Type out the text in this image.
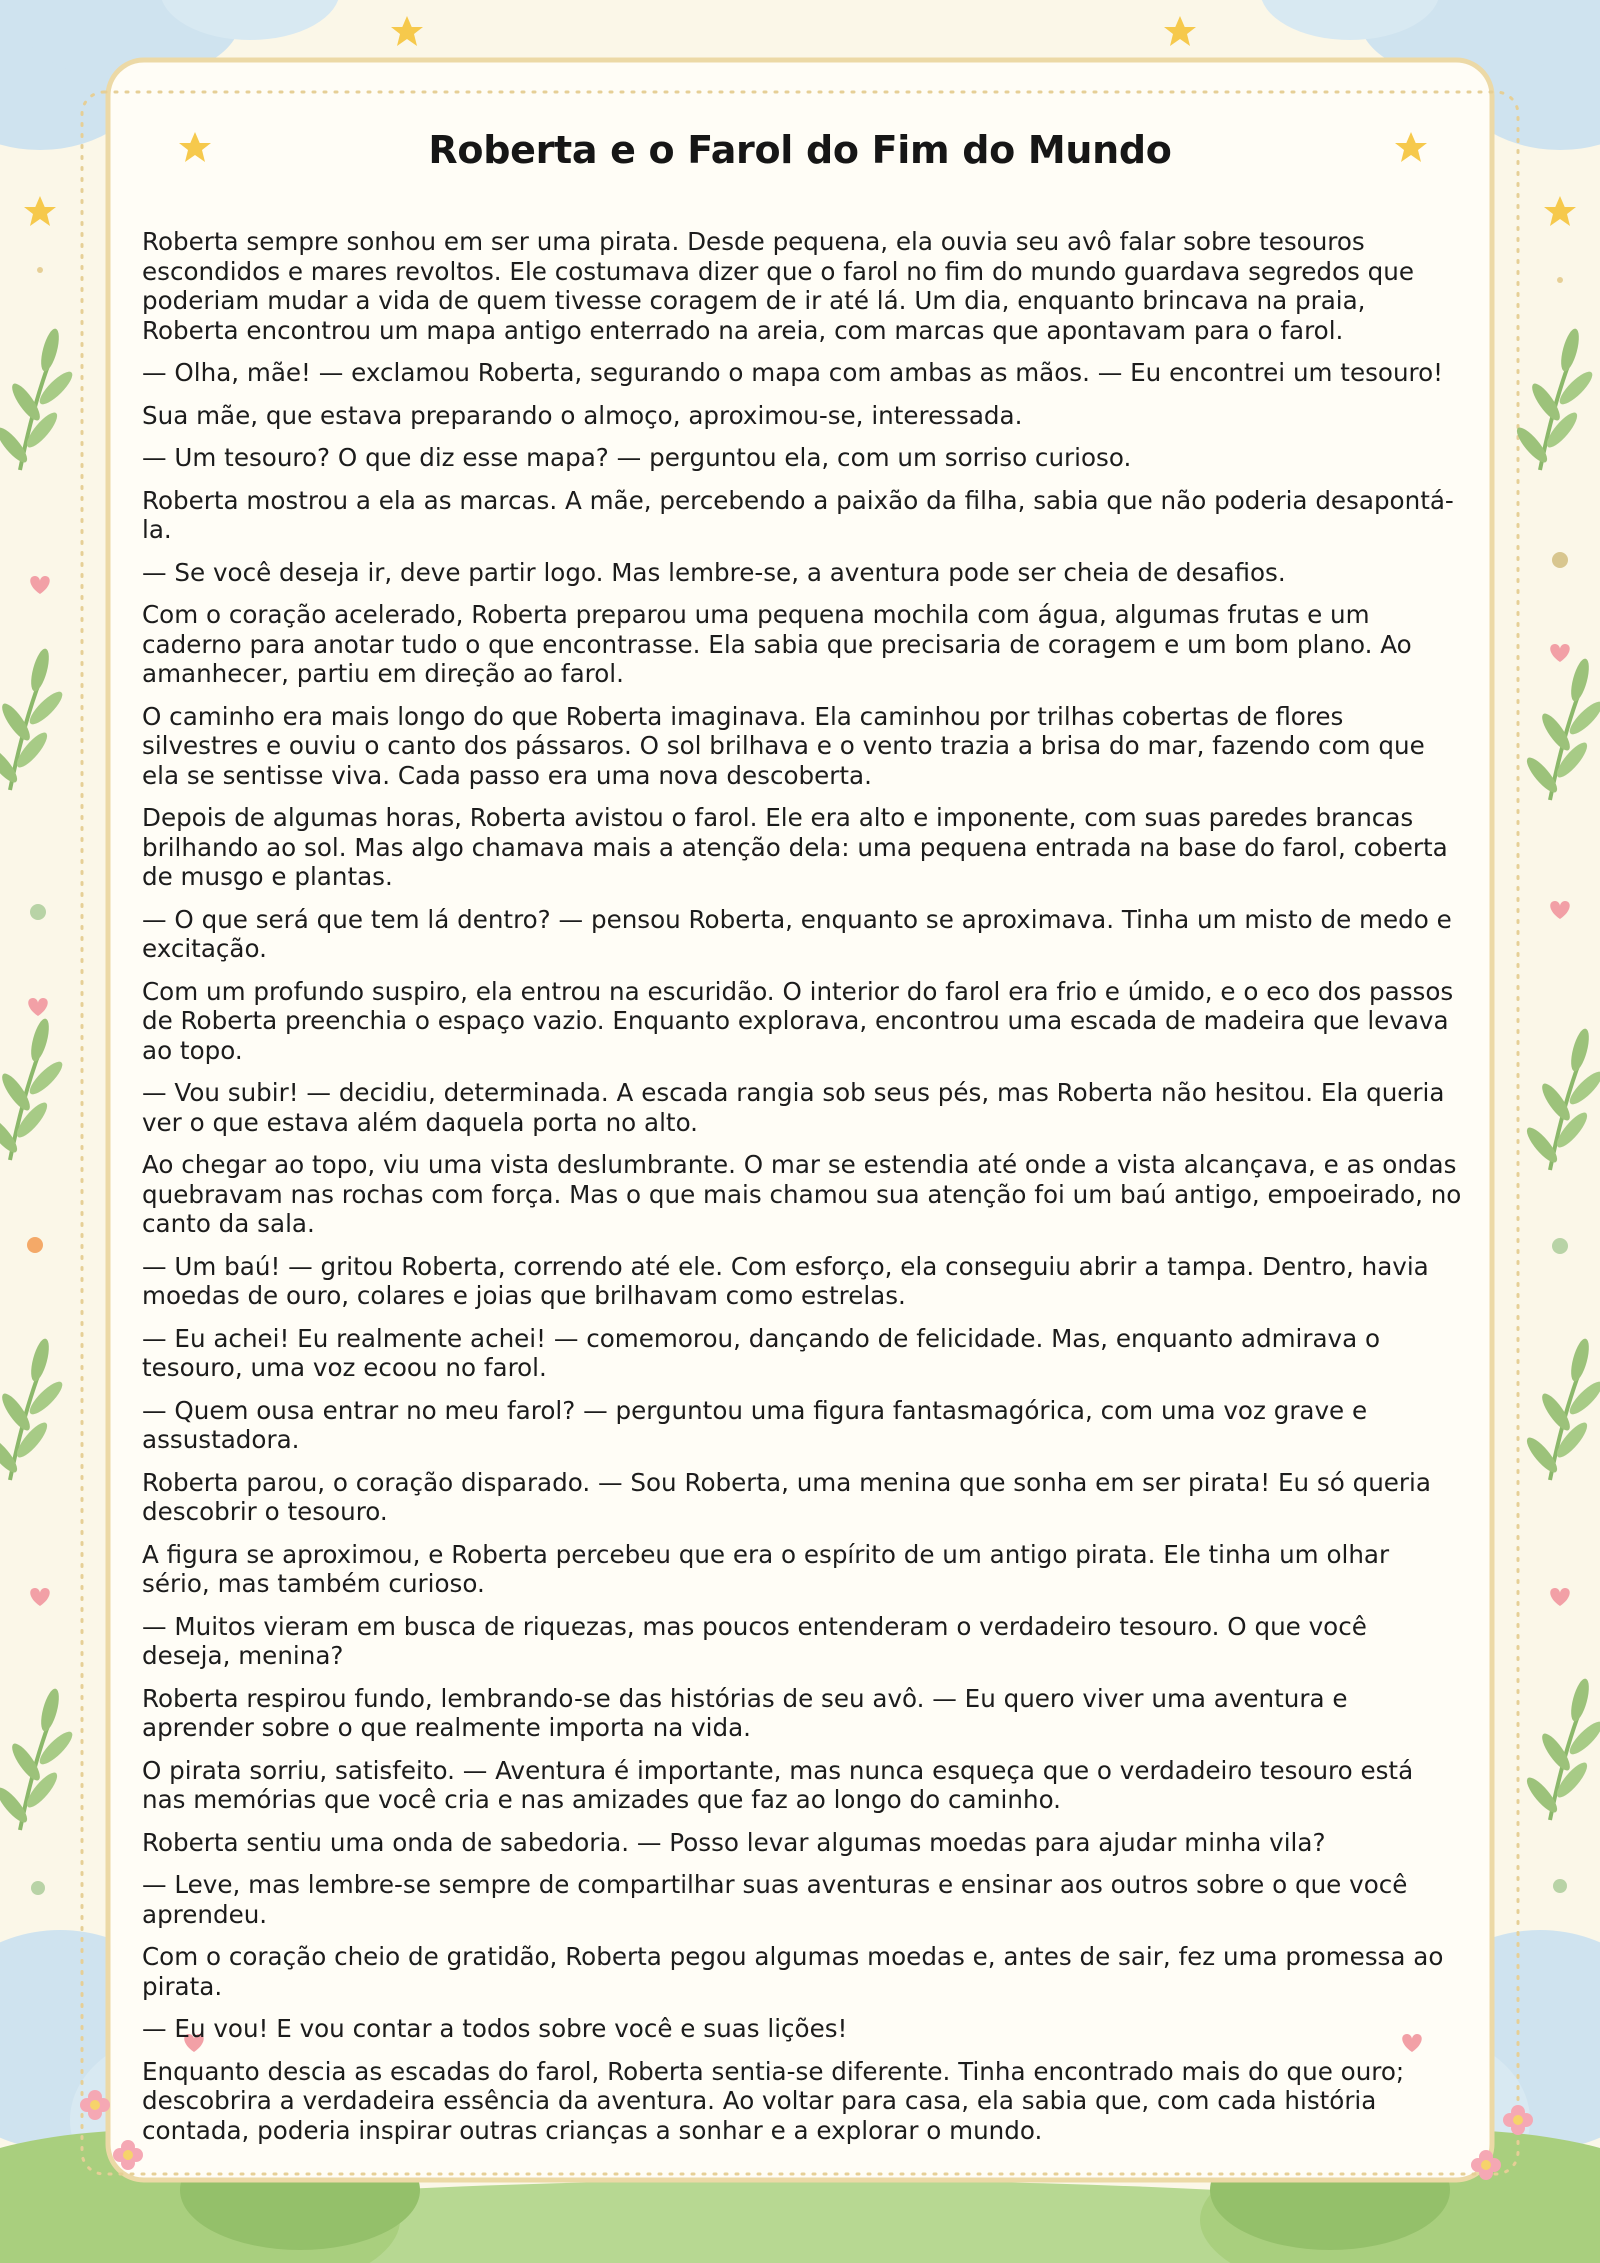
Roberta e o Farol do Fim do Mundo

Roberta sempre sonhou em ser uma pirata. Desde pequena, ela ouvia seu avô falar sobre tesouros escondidos e mares revoltos. Ele costumava dizer que o farol no fim do mundo guardava segredos que poderiam mudar a vida de quem tivesse coragem de ir até lá. Um dia, enquanto brincava na praia, Roberta encontrou um mapa antigo enterrado na areia, com marcas que apontavam para o farol.

— Olha, mãe! — exclamou Roberta, segurando o mapa com ambas as mãos. — Eu encontrei um tesouro!

Sua mãe, que estava preparando o almoço, aproximou-se, interessada.

— Um tesouro? O que diz esse mapa? — perguntou ela, com um sorriso curioso.

Roberta mostrou a ela as marcas. A mãe, percebendo a paixão da filha, sabia que não poderia desapontá-la.

— Se você deseja ir, deve partir logo. Mas lembre-se, a aventura pode ser cheia de desafios.

Com o coração acelerado, Roberta preparou uma pequena mochila com água, algumas frutas e um caderno para anotar tudo o que encontrasse. Ela sabia que precisaria de coragem e um bom plano. Ao amanhecer, partiu em direção ao farol.

O caminho era mais longo do que Roberta imaginava. Ela caminhou por trilhas cobertas de flores silvestres e ouviu o canto dos pássaros. O sol brilhava e o vento trazia a brisa do mar, fazendo com que ela se sentisse viva. Cada passo era uma nova descoberta.

Depois de algumas horas, Roberta avistou o farol. Ele era alto e imponente, com suas paredes brancas brilhando ao sol. Mas algo chamava mais a atenção dela: uma pequena entrada na base do farol, coberta de musgo e plantas.

— O que será que tem lá dentro? — pensou Roberta, enquanto se aproximava. Tinha um misto de medo e excitação.

Com um profundo suspiro, ela entrou na escuridão. O interior do farol era frio e úmido, e o eco dos passos de Roberta preenchia o espaço vazio. Enquanto explorava, encontrou uma escada de madeira que levava ao topo.

— Vou subir! — decidiu, determinada. A escada rangia sob seus pés, mas Roberta não hesitou. Ela queria ver o que estava além daquela porta no alto.

Ao chegar ao topo, viu uma vista deslumbrante. O mar se estendia até onde a vista alcançava, e as ondas quebravam nas rochas com força. Mas o que mais chamou sua atenção foi um baú antigo, empoeirado, no canto da sala.

— Um baú! — gritou Roberta, correndo até ele. Com esforço, ela conseguiu abrir a tampa. Dentro, havia moedas de ouro, colares e joias que brilhavam como estrelas.

— Eu achei! Eu realmente achei! — comemorou, dançando de felicidade. Mas, enquanto admirava o tesouro, uma voz ecoou no farol.

— Quem ousa entrar no meu farol? — perguntou uma figura fantasmagórica, com uma voz grave e assustadora.

Roberta parou, o coração disparado. — Sou Roberta, uma menina que sonha em ser pirata! Eu só queria descobrir o tesouro.

A figura se aproximou, e Roberta percebeu que era o espírito de um antigo pirata. Ele tinha um olhar sério, mas também curioso.

— Muitos vieram em busca de riquezas, mas poucos entenderam o verdadeiro tesouro. O que você deseja, menina?

Roberta respirou fundo, lembrando-se das histórias de seu avô. — Eu quero viver uma aventura e aprender sobre o que realmente importa na vida.

O pirata sorriu, satisfeito. — Aventura é importante, mas nunca esqueça que o verdadeiro tesouro está nas memórias que você cria e nas amizades que faz ao longo do caminho.

Roberta sentiu uma onda de sabedoria. — Posso levar algumas moedas para ajudar minha vila?

— Leve, mas lembre-se sempre de compartilhar suas aventuras e ensinar aos outros sobre o que você aprendeu.

Com o coração cheio de gratidão, Roberta pegou algumas moedas e, antes de sair, fez uma promessa ao pirata.

— Eu vou! E vou contar a todos sobre você e suas lições!

Enquanto descia as escadas do farol, Roberta sentia-se diferente. Tinha encontrado mais do que ouro; descobrira a verdadeira essência da aventura. Ao voltar para casa, ela sabia que, com cada história contada, poderia inspirar outras crianças a sonhar e a explorar o mundo.
